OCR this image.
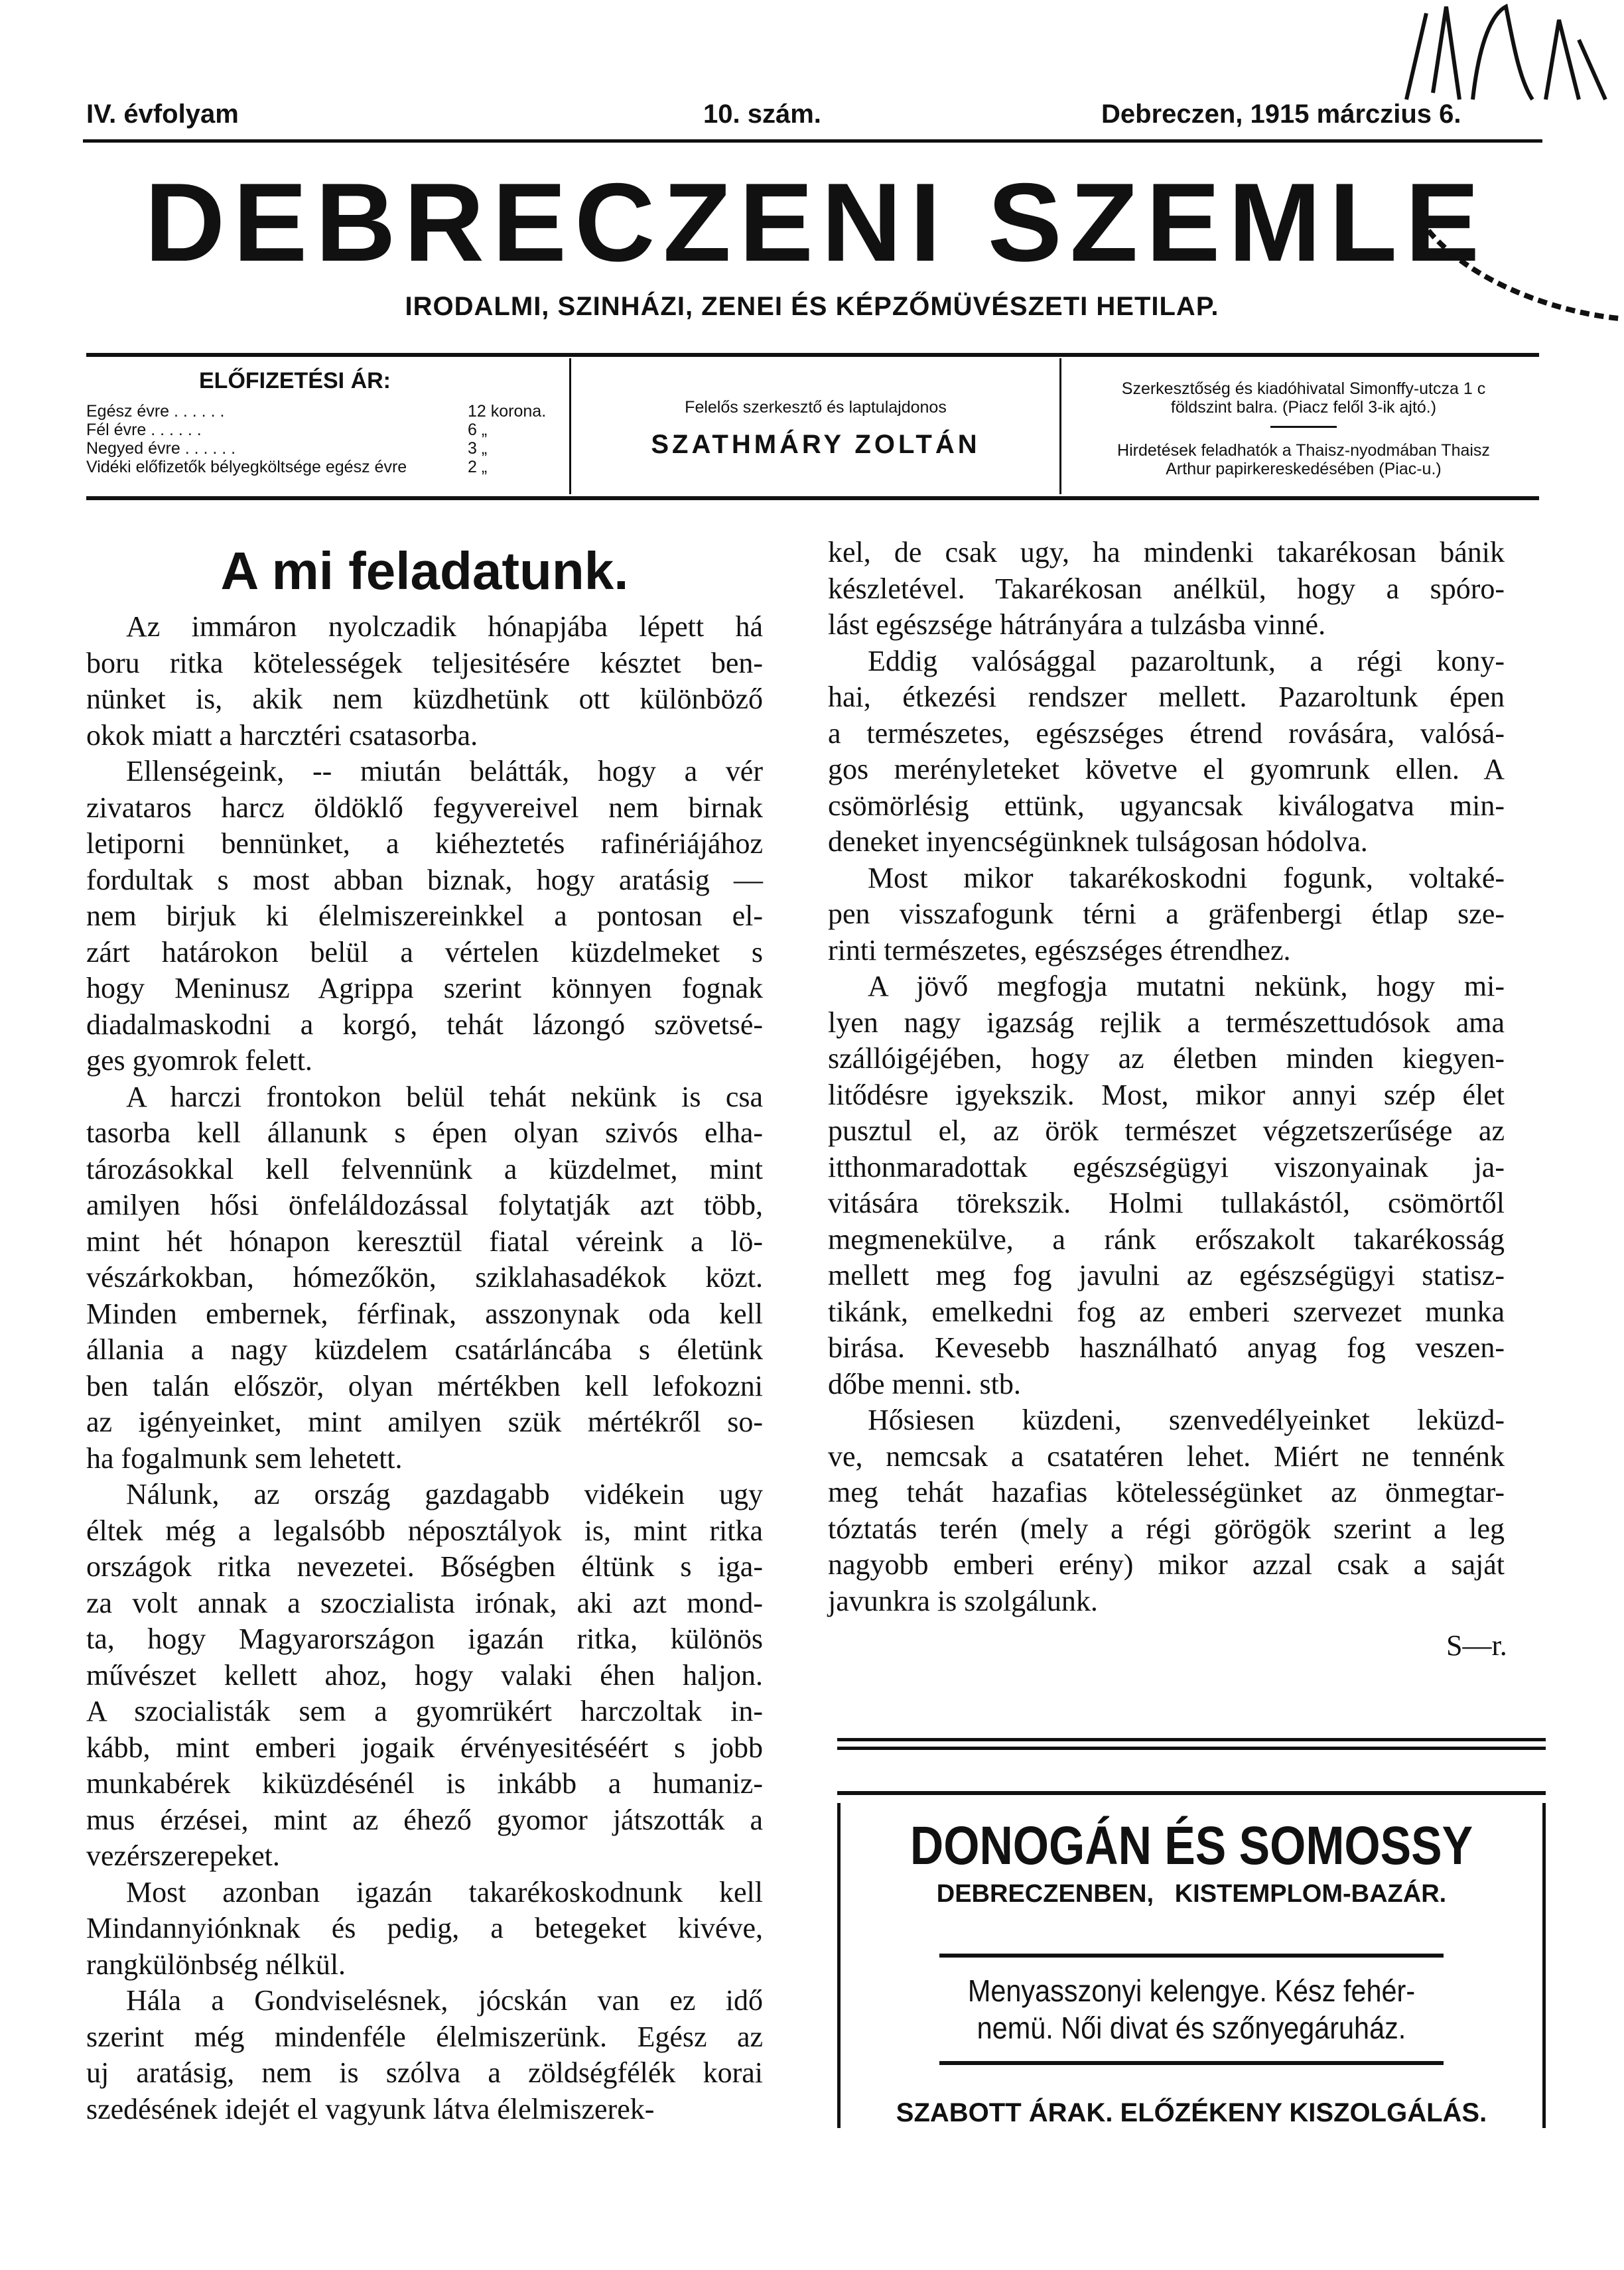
IV. évfolyam	10. szám.	Debreczen, 1915 márczius 6.
DEBRECZENI SZEMLE
IRODALMI, SZINHÁZI, ZENEI ÉS KÉPZŐMÜVÉSZETI HETILAP.
ELŐFIZETÉSI ÁR:
Egész évre . . . . . .	12 korona.
Fél évre . . . . . .	6 „
Negyed évre . . . . . .	3 „
Vidéki előfizetők bélyegköltsége egész évre	2 „
Felelős szerkesztő és laptulajdonos
SZATHMÁRY ZOLTÁN
Szerkesztőség és kiadóhivatal Simonffy-utcza 1 c
földszint balra. (Piacz felől 3-ik ajtó.)
Hirdetések feladhatók a Thaisz-nyodmában Thaisz
Arthur papirkereskedésében (Piac-u.)
A mi feladatunk.
Az immáron nyolczadik hónapjába lépett há
boru ritka kötelességek teljesitésére késztet ben-
nünket is, akik nem küzdhetünk ott különböző
okok miatt a harcztéri csatasorba.
Ellenségeink, -- miután belátták, hogy a vér
zivataros harcz öldöklő fegyvereivel nem birnak
letiporni bennünket, a kiéheztetés rafinériájához
fordultak s most abban biznak, hogy aratásig —
nem birjuk ki élelmiszereinkkel a pontosan el-
zárt határokon belül a vértelen küzdelmeket s
hogy Meninusz Agrippa szerint könnyen fognak
diadalmaskodni a korgó, tehát lázongó szövetsé-
ges gyomrok felett.
A harczi frontokon belül tehát nekünk is csa
tasorba kell állanunk s épen olyan szivós elha-
tározásokkal kell felvennünk a küzdelmet, mint
amilyen hősi önfeláldozással folytatják azt több,
mint hét hónapon keresztül fiatal véreink a lö-
vészárkokban, hómezőkön, sziklahasadékok közt.
Minden embernek, férfinak, asszonynak oda kell
állania a nagy küzdelem csatárláncába s életünk
ben talán először, olyan mértékben kell lefokozni
az igényeinket, mint amilyen szük mértékről so-
ha fogalmunk sem lehetett.
Nálunk, az ország gazdagabb vidékein ugy
éltek még a legalsóbb néposztályok is, mint ritka
országok ritka nevezetei. Bőségben éltünk s iga-
za volt annak a szoczialista irónak, aki azt mond-
ta, hogy Magyarországon igazán ritka, különös
művészet kellett ahoz, hogy valaki éhen haljon.
A szocialisták sem a gyomrükért harczoltak in-
kább, mint emberi jogaik érvényesitéséért s jobb
munkabérek kiküzdésénél is inkább a humaniz-
mus érzései, mint az éhező gyomor játszották a
vezérszerepeket.
Most azonban igazán takarékoskodnunk kell
Mindannyiónknak és pedig, a betegeket kivéve,
rangkülönbség nélkül.
Hála a Gondviselésnek, jócskán van ez idő
szerint még mindenféle élelmiszerünk. Egész az
uj aratásig, nem is szólva a zöldségfélék korai
szedésének idejét el vagyunk látva élelmiszerek-
kel, de csak ugy, ha mindenki takarékosan bánik
készletével. Takarékosan anélkül, hogy a spóro-
lást egészsége hátrányára a tulzásba vinné.
Eddig valósággal pazaroltunk, a régi kony-
hai, étkezési rendszer mellett. Pazaroltunk épen
a természetes, egészséges étrend rovására, valósá-
gos merényleteket követve el gyomrunk ellen. A
csömörlésig ettünk, ugyancsak kiválogatva min-
deneket inyencségünknek tulságosan hódolva.
Most mikor takarékoskodni fogunk, voltaké-
pen visszafogunk térni a gräfenbergi étlap sze-
rinti természetes, egészséges étrendhez.
A jövő megfogja mutatni nekünk, hogy mi-
lyen nagy igazság rejlik a természettudósok ama
szállóigéjében, hogy az életben minden kiegyen-
litődésre igyekszik. Most, mikor annyi szép élet
pusztul el, az örök természet végzetszerűsége az
itthonmaradottak egészségügyi viszonyainak ja-
vitására törekszik. Holmi tullakástól, csömörtől
megmenekülve, a ránk erőszakolt takarékosság
mellett meg fog javulni az egészségügyi statisz-
tikánk, emelkedni fog az emberi szervezet munka
birása. Kevesebb használható anyag fog veszen-
dőbe menni. stb.
Hősiesen küzdeni, szenvedélyeinket leküzd-
ve, nemcsak a csatatéren lehet. Miért ne tennénk
meg tehát hazafias kötelességünket az önmegtar-
tóztatás terén (mely a régi görögök szerint a leg
nagyobb emberi erény) mikor azzal csak a saját
javunkra is szolgálunk.
S—r.
DONOGÁN ÉS SOMOSSY
DEBRECZENBEN,   KISTEMPLOM-BAZÁR.
Menyasszonyi kelengye. Kész fehér-
nemü. Női divat és szőnyegáruház.
SZABOTT ÁRAK. ELŐZÉKENY KISZOLGÁLÁS.
